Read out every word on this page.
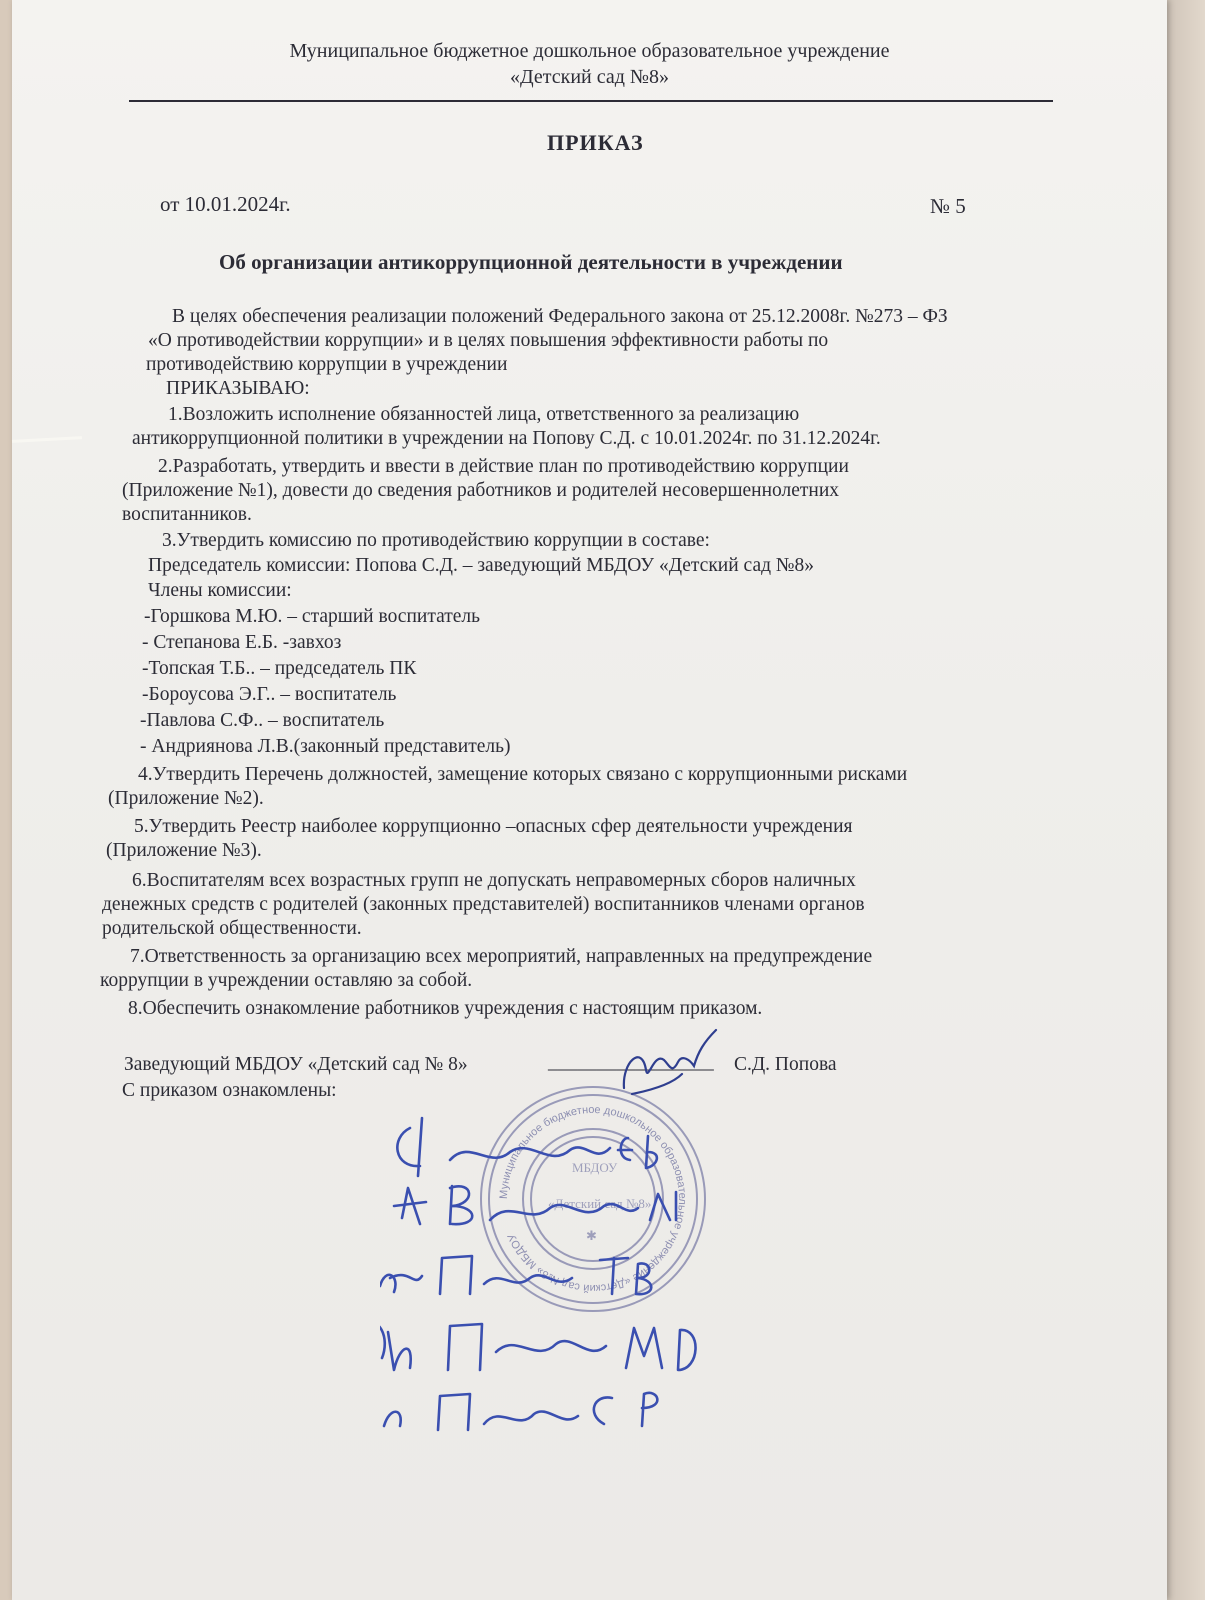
Муниципальное бюджетное дошкольное образовательное учреждение
«Детский сад №8»
ПРИКАЗ
от 10.01.2024г.	№ 5
Об организации антикоррупционной деятельности в учреждении
В целях обеспечения реализации положений Федерального закона от 25.12.2008г. №273 – ФЗ
«О противодействии коррупции» и в целях повышения эффективности работы по
противодействию коррупции в учреждении
ПРИКАЗЫВАЮ:
1.Возложить исполнение обязанностей лица, ответственного за реализацию
антикоррупционной политики в учреждении на Попову С.Д. с 10.01.2024г. по 31.12.2024г.
2.Разработать, утвердить и ввести в действие план по противодействию коррупции
(Приложение №1), довести до сведения работников и родителей несовершеннолетних
воспитанников.
3.Утвердить комиссию по противодействию коррупции в составе:
Председатель комиссии: Попова С.Д. – заведующий МБДОУ «Детский сад №8»
Члены комиссии:
-Горшкова М.Ю. – старший воспитатель
- Степанова Е.Б. -завхоз
-Топская Т.Б.. – председатель ПК
-Бороусова Э.Г.. – воспитатель
-Павлова С.Ф.. – воспитатель
- Андриянова Л.В.(законный представитель)
4.Утвердить Перечень должностей, замещение которых связано с коррупционными рисками
(Приложение №2).
5.Утвердить Реестр наиболее коррупционно –опасных сфер деятельности учреждения
(Приложение №3).
6.Воспитателям всех возрастных групп не допускать неправомерных сборов наличных
денежных средств с родителей (законных представителей) воспитанников членами органов
родительской общественности.
7.Ответственность за организацию всех мероприятий, направленных на предупреждение
коррупции в учреждении оставляю за собой.
8.Обеспечить ознакомление работников учреждения с настоящим приказом.
Заведующий МБДОУ «Детский сад № 8»	_________________ С.Д. Попова
С приказом ознакомлены:
Муниципальное бюджетное дошкольное образовательное учреждение «Детский сад №8» МБДОУ
МБДОУ
«Детский сад №8»
✱
